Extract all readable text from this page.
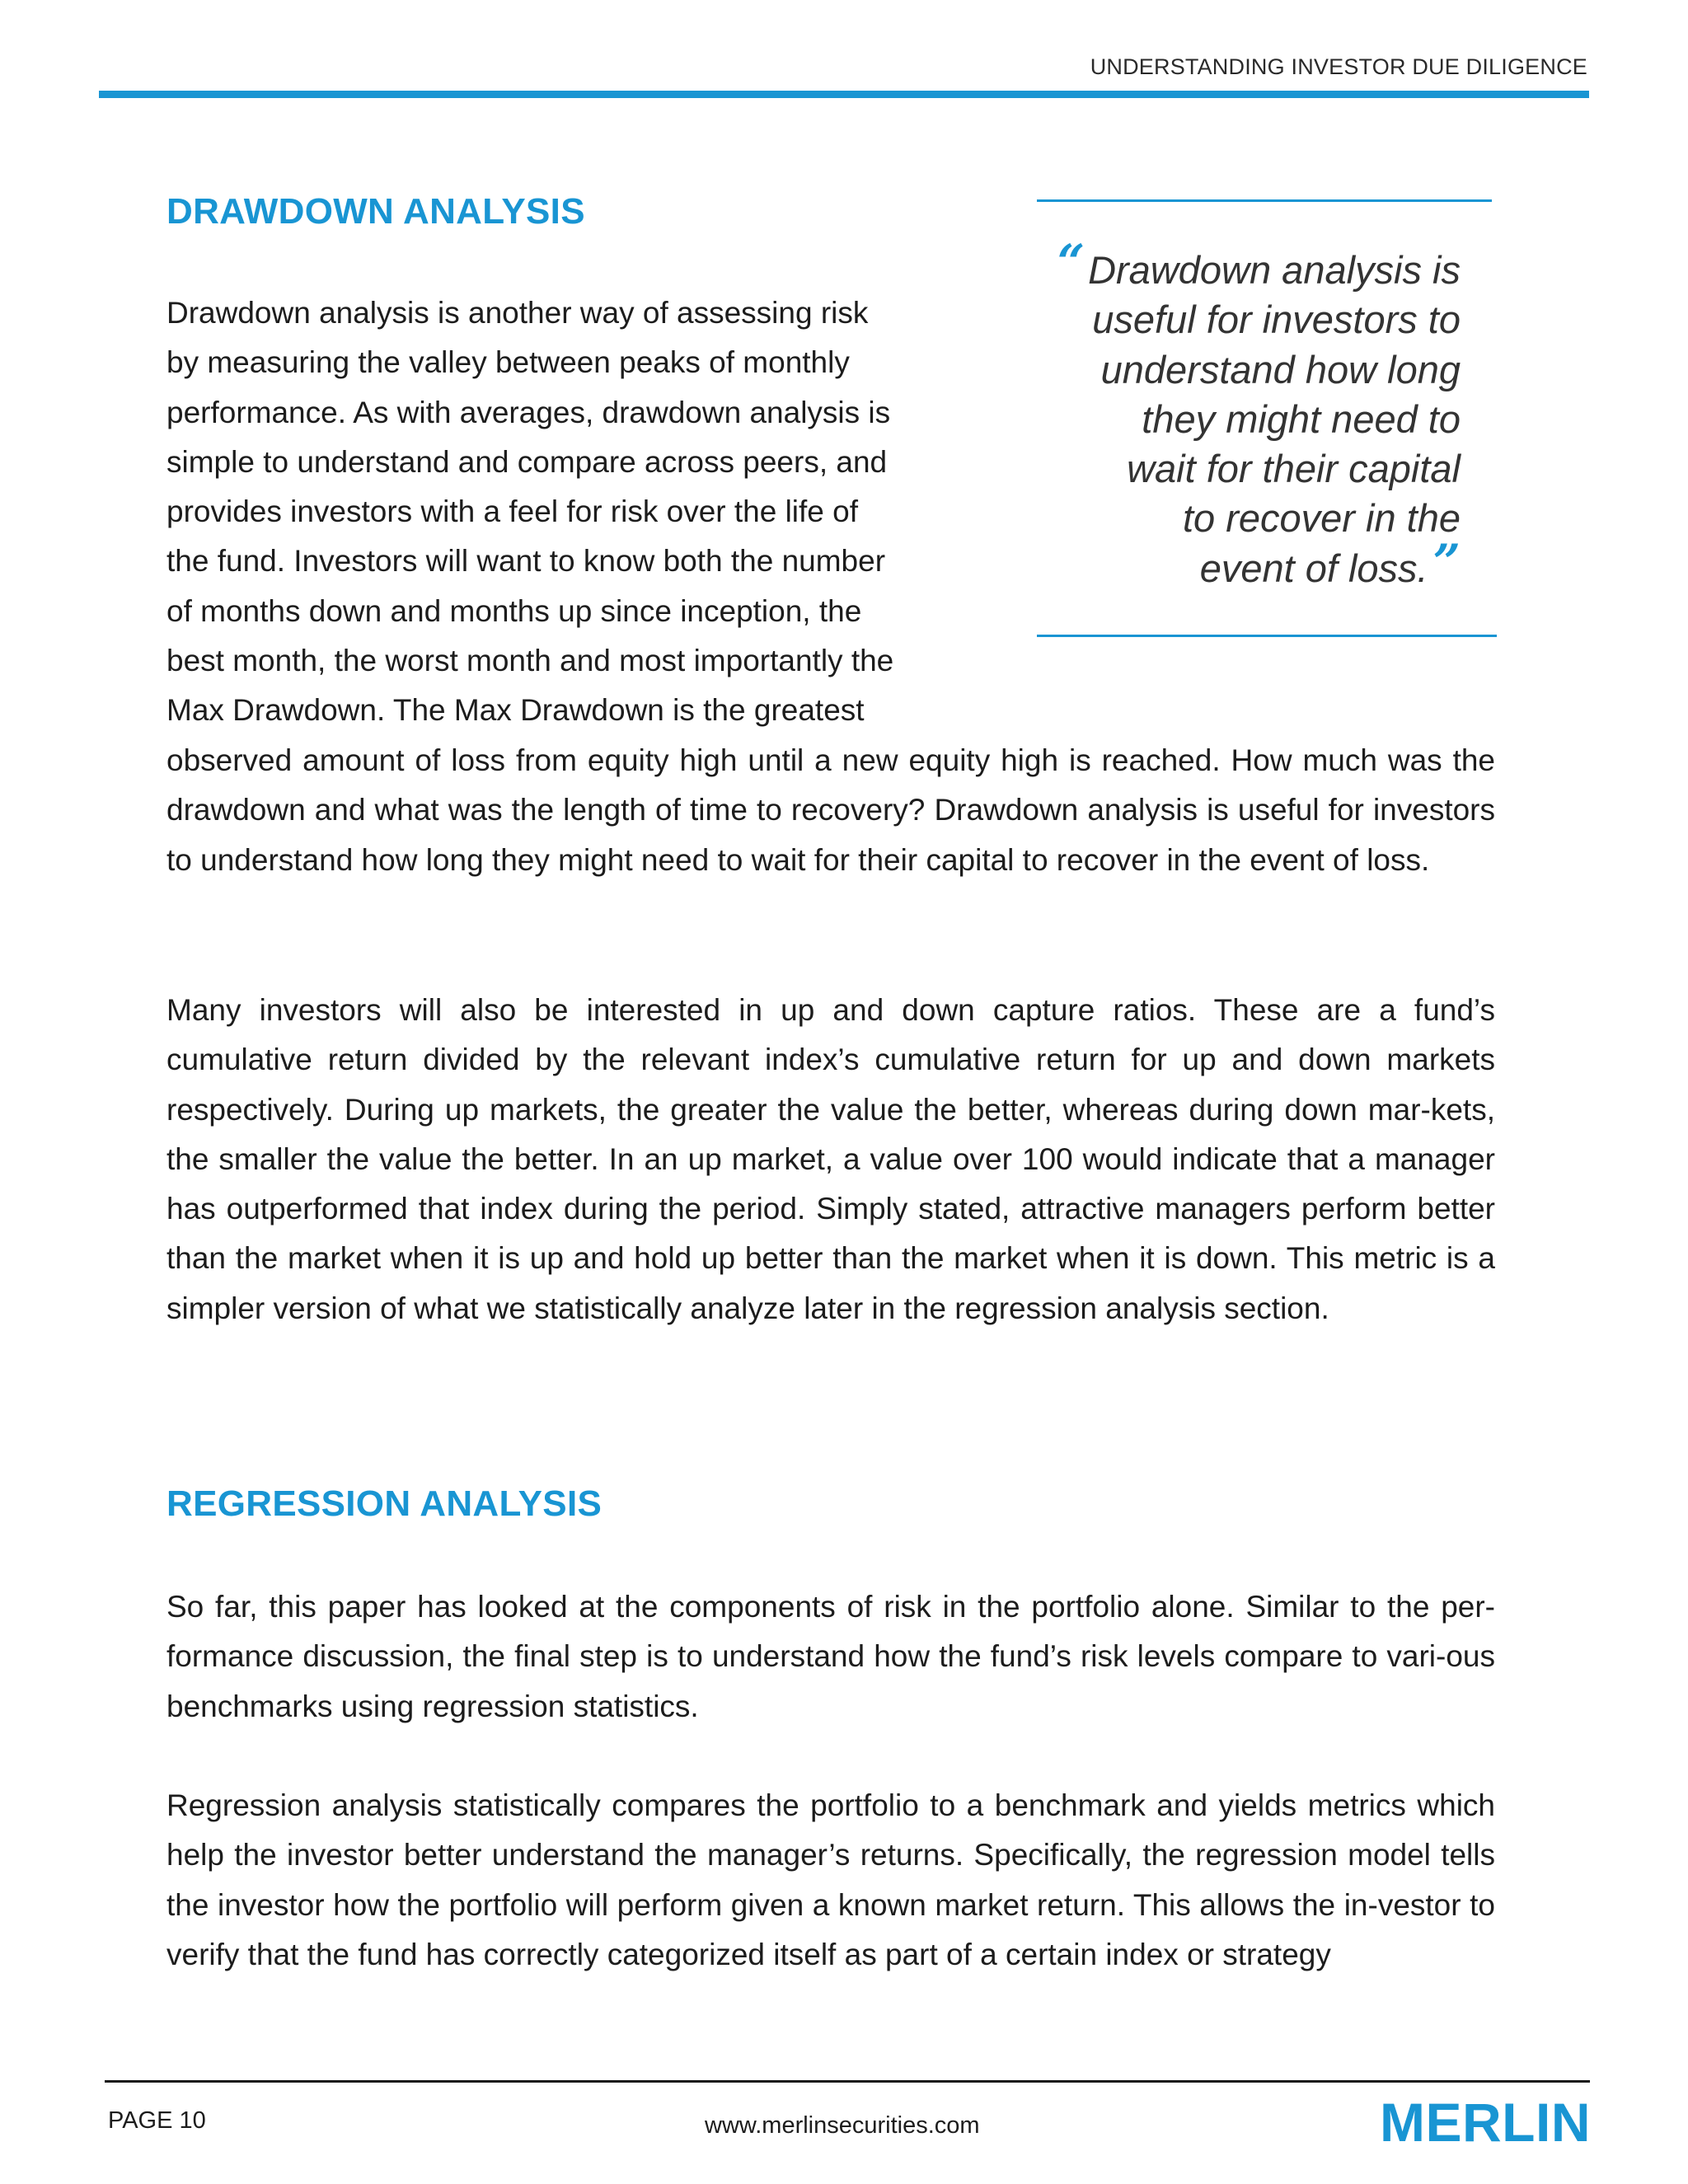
UNDERSTANDING INVESTOR DUE DILIGENCE
DRAWDOWN ANALYSIS

Drawdown analysis is another way of assessing risk

by measuring the valley between peaks of monthly

performance. As with averages, drawdown analysis is

simple to understand and compare across peers, and

provides investors with a feel for risk over the life of

the fund. Investors will want to know both the number

of months down and months up since inception, the

best month, the worst month and most importantly the

Max Drawdown. The Max Drawdown is the greatest

observed amount of loss from equity high until a new equity high is reached. How much was the drawdown and what was the length of time to recovery? Drawdown analysis is useful for investors to understand how long they might need to wait for their capital to recover in the event of loss.

Many investors will also be interested in up and down capture ratios. These are a fund’s cumulative return divided by the relevant index’s cumulative return for up and down markets respectively. During up markets, the greater the value the better, whereas during down mar-kets, the smaller the value the better. In an up market, a value over 100 would indicate that a manager has outperformed that index during the period. Simply stated, attractive managers perform better than the market when it is up and hold up better than the market when it is down. This metric is a simpler version of what we statistically analyze later in the regression analysis section.

“Drawdown analysis is
useful for investors to
understand how long
they might need to
wait for their capital
to recover in the
event of loss. ”
REGRESSION ANALYSIS

So far, this paper has looked at the components of risk in the portfolio alone. Similar to the per-formance discussion, the final step is to understand how the fund’s risk levels compare to vari-ous benchmarks using regression statistics.

Regression analysis statistically compares the portfolio to a benchmark and yields metrics which help the investor better understand the manager’s returns. Specifically, the regression model tells the investor how the portfolio will perform given a known market return. This allows the in-vestor to verify that the fund has correctly categorized itself as part of a certain index or strategy

PAGE 10	www.merlinsecurities.com	MERLIN
